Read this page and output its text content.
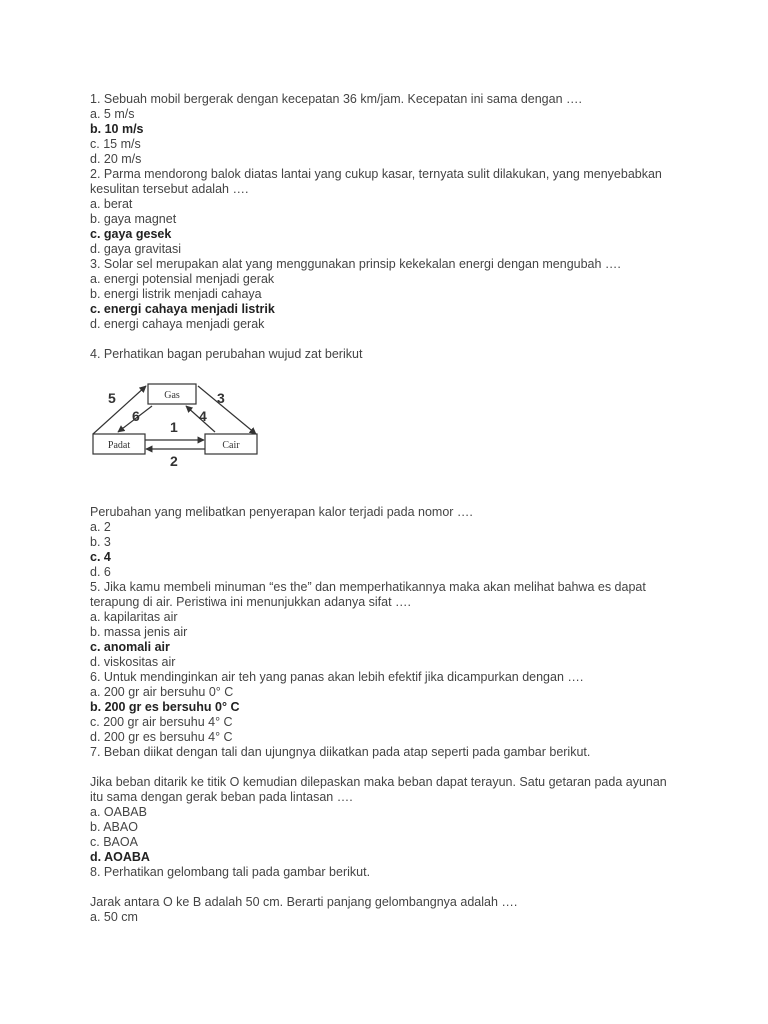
1. Sebuah mobil bergerak dengan kecepatan 36 km/jam. Kecepatan ini sama dengan ….
a. 5 m/s
b. 10 m/s
c. 15 m/s
d. 20 m/s
2. Parma mendorong balok diatas lantai yang cukup kasar, ternyata sulit dilakukan, yang menyebabkan
kesulitan tersebut adalah ….
a. berat
b. gaya magnet
c. gaya gesek
d. gaya gravitasi
3. Solar sel merupakan alat yang menggunakan prinsip kekekalan energi dengan mengubah ….
a. energi potensial menjadi gerak
b. energi listrik menjadi cahaya
c. energi cahaya menjadi listrik
d. energi cahaya menjadi gerak
4. Perhatikan bagan perubahan wujud zat berikut
Gas
Padat	Cair
5
6
1
2
3
4
Perubahan yang melibatkan penyerapan kalor terjadi pada nomor ….
a. 2
b. 3
c. 4
d. 6
5. Jika kamu membeli minuman “es the” dan memperhatikannya maka akan melihat bahwa es dapat
terapung di air. Peristiwa ini menunjukkan adanya sifat ….
a. kapilaritas air
b. massa jenis air
c. anomali air
d. viskositas air
6. Untuk mendinginkan air teh yang panas akan lebih efektif jika dicampurkan dengan ….
a. 200 gr air bersuhu 0° C
b. 200 gr es bersuhu 0° C
c. 200 gr air bersuhu 4° C
d. 200 gr es bersuhu 4° C
7. Beban diikat dengan tali dan ujungnya diikatkan pada atap seperti pada gambar berikut.
Jika beban ditarik ke titik O kemudian dilepaskan maka beban dapat terayun. Satu getaran pada ayunan
itu sama dengan gerak beban pada lintasan ….
a. OABAB
b. ABAO
c. BAOA
d. AOABA
8. Perhatikan gelombang tali pada gambar berikut.
Jarak antara O ke B adalah 50 cm. Berarti panjang gelombangnya adalah ….
a. 50 cm
